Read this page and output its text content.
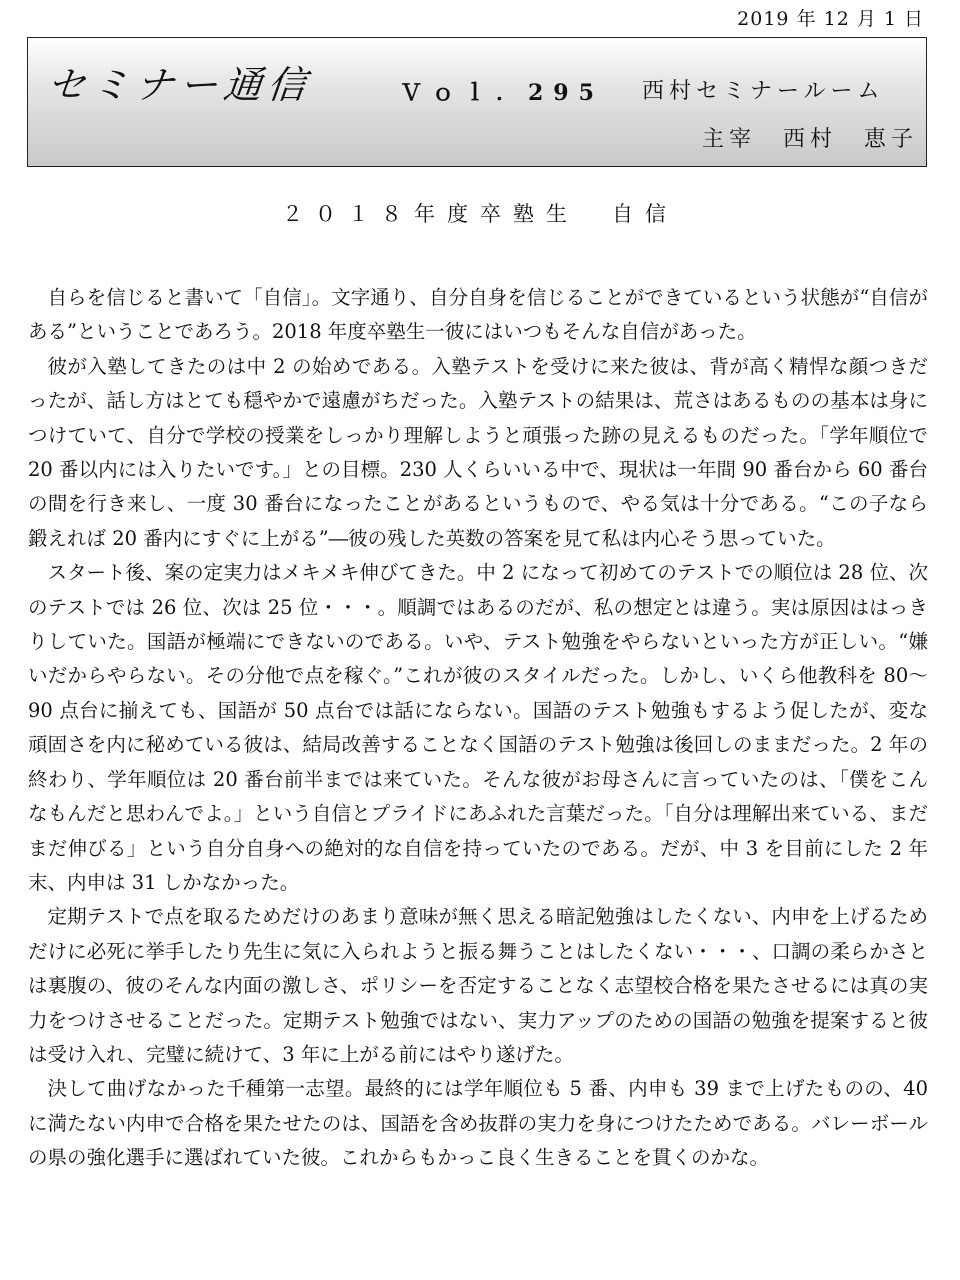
2019 年 12 月 1 日
セミナー通信	Ｖｏｌ．295 西村セミナールーム
主宰　西村　恵子
２０１８年度卒塾生　自信

自らを信じると書いて「自信」。文字通り、自分自身を信じることができているという状態が“自信がある”ということであろう。2018 年度卒塾生一彼にはいつもそんな自信があった。

彼が入塾してきたのは中 2 の始めである。入塾テストを受けに来た彼は、背が高く精悍な顔つきだったが、話し方はとても穏やかで遠慮がちだった。入塾テストの結果は、荒さはあるものの基本は身につけていて、自分で学校の授業をしっかり理解しようと頑張った跡の見えるものだった。「学年順位で 20 番以内には入りたいです。」との目標。230 人くらいいる中で、現状は一年間 90 番台から 60 番台の間を行き来し、一度 30 番台になったことがあるというもので、やる気は十分である。“この子なら鍛えれば 20 番内にすぐに上がる”―彼の残した英数の答案を見て私は内心そう思っていた。

スタート後、案の定実力はメキメキ伸びてきた。中 2 になって初めてのテストでの順位は 28 位、次のテストでは 26 位、次は 25 位・・・。順調ではあるのだが、私の想定とは違う。実は原因ははっきりしていた。国語が極端にできないのである。いや、テスト勉強をやらないといった方が正しい。“嫌いだからやらない。その分他で点を稼ぐ。”これが彼のスタイルだった。しかし、いくら他教科を 80～90 点台に揃えても、国語が 50 点台では話にならない。国語のテスト勉強もするよう促したが、変な頑固さを内に秘めている彼は、結局改善することなく国語のテスト勉強は後回しのままだった。2 年の終わり、学年順位は 20 番台前半までは来ていた。そんな彼がお母さんに言っていたのは、「僕をこんなもんだと思わんでよ。」という自信とプライドにあふれた言葉だった。「自分は理解出来ている、まだまだ伸びる」という自分自身への絶対的な自信を持っていたのである。だが、中 3 を目前にした 2 年末、内申は 31 しかなかった。

定期テストで点を取るためだけのあまり意味が無く思える暗記勉強はしたくない、内申を上げるためだけに必死に挙手したり先生に気に入られようと振る舞うことはしたくない・・・、口調の柔らかさとは裏腹の、彼のそんな内面の激しさ、ポリシーを否定することなく志望校合格を果たさせるには真の実力をつけさせることだった。定期テスト勉強ではない、実力アップのための国語の勉強を提案すると彼は受け入れ、完璧に続けて、3 年に上がる前にはやり遂げた。

決して曲げなかった千種第一志望。最終的には学年順位も 5 番、内申も 39 まで上げたものの、40 に満たない内申で合格を果たせたのは、国語を含め抜群の実力を身につけたためである。バレーボールの県の強化選手に選ばれていた彼。これからもかっこ良く生きることを貫くのかな。
